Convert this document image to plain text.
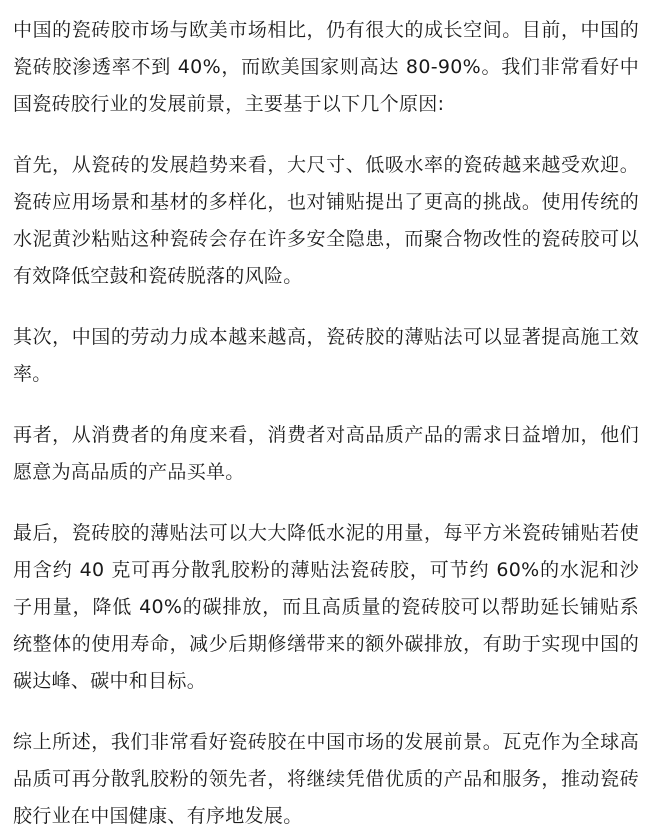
中国的瓷砖胶市场与欧美市场相比，仍有很大的成长空间。目前，中国的瓷砖胶渗透率不到 40%，而欧美国家则高达 80-90%。我们非常看好中国瓷砖胶行业的发展前景，主要基于以下几个原因:

首先，从瓷砖的发展趋势来看，大尺寸、低吸水率的瓷砖越来越受欢迎。瓷砖应用场景和基材的多样化，也对铺贴提出了更高的挑战。使用传统的水泥黄沙粘贴这种瓷砖会存在许多安全隐患，而聚合物改性的瓷砖胶可以有效降低空鼓和瓷砖脱落的风险。

其次，中国的劳动力成本越来越高，瓷砖胶的薄贴法可以显著提高施工效率。

再者，从消费者的角度来看，消费者对高品质产品的需求日益增加，他们愿意为高品质的产品买单。

最后，瓷砖胶的薄贴法可以大大降低水泥的用量，每平方米瓷砖铺贴若使用含约 40 克可再分散乳胶粉的薄贴法瓷砖胶，可节约 60%的水泥和沙子用量，降低 40%的碳排放，而且高质量的瓷砖胶可以帮助延长铺贴系统整体的使用寿命，减少后期修缮带来的额外碳排放，有助于实现中国的碳达峰、碳中和目标。

综上所述，我们非常看好瓷砖胶在中国市场的发展前景。瓦克作为全球高品质可再分散乳胶粉的领先者，将继续凭借优质的产品和服务，推动瓷砖胶行业在中国健康、有序地发展。
